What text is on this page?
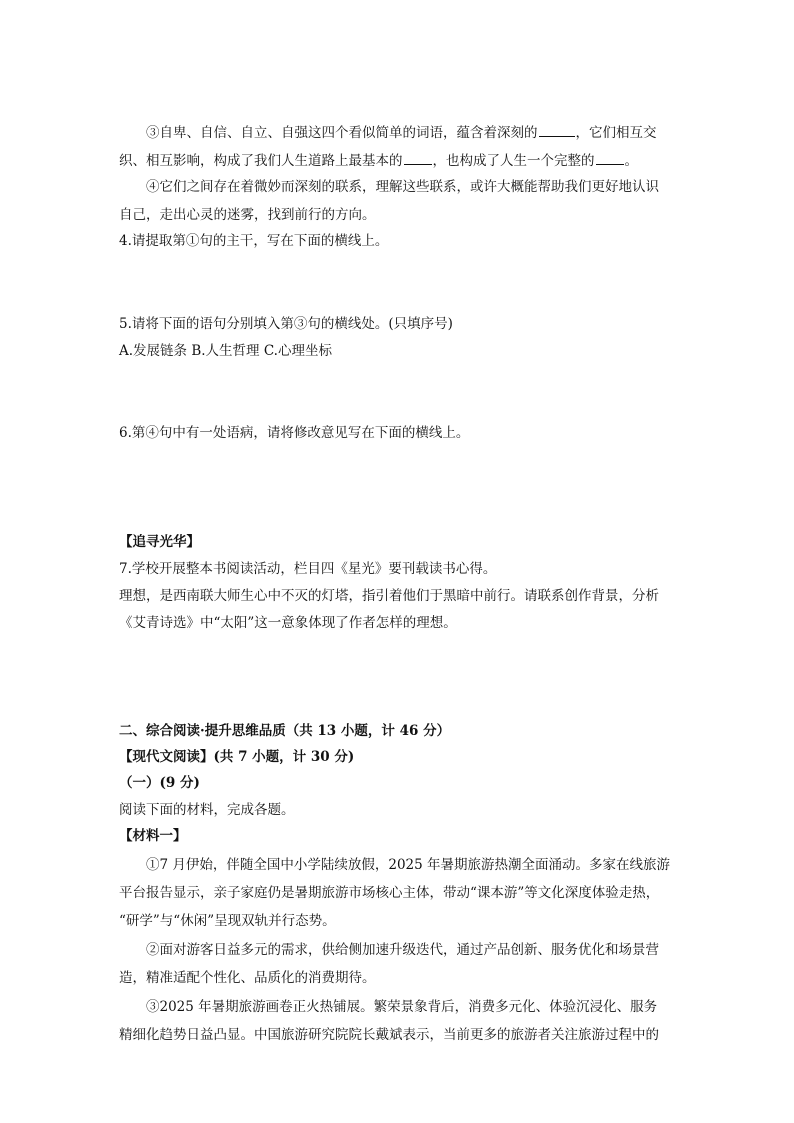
③自卑、自信、自立、自强这四个看似简单的词语，蕴含着深刻的	，它们相互交
织、相互影响，构成了我们人生道路上最基本的 ，也构成了人生一个完整的 。
④它们之间存在着微妙而深刻的联系，理解这些联系，或许大概能帮助我们更好地认识
自己，走出心灵的迷雾，找到前行的方向。
4.请提取第①句的主干，写在下面的横线上。
5.请将下面的语句分别填入第③句的横线处。(只填序号)
A.发展链条 B.人生哲理 C.心理坐标
6.第④句中有一处语病，请将修改意见写在下面的横线上。
【追寻光华】
7.学校开展整本书阅读活动，栏目四《星光》要刊载读书心得。
理想，是西南联大师生心中不灭的灯塔，指引着他们于黑暗中前行。请联系创作背景，分析
《艾青诗选》中“太阳”这一意象体现了作者怎样的理想。
二、综合阅读·提升思维品质（共 13 小题，计 46 分）
【现代文阅读】(共 7 小题，计 30 分)
（一）(9 分)
阅读下面的材料，完成各题。
【材料一】
①7 月伊始，伴随全国中小学陆续放假，2025 年暑期旅游热潮全面涌动。多家在线旅游
平台报告显示，亲子家庭仍是暑期旅游市场核心主体，带动“课本游”等文化深度体验走热，
“研学”与“休闲”呈现双轨并行态势。
②面对游客日益多元的需求，供给侧加速升级迭代，通过产品创新、服务优化和场景营
造，精准适配个性化、品质化的消费期待。
③2025 年暑期旅游画卷正火热铺展。繁荣景象背后，消费多元化、体验沉浸化、服务
精细化趋势日益凸显。中国旅游研究院院长戴斌表示，当前更多的旅游者关注旅游过程中的
